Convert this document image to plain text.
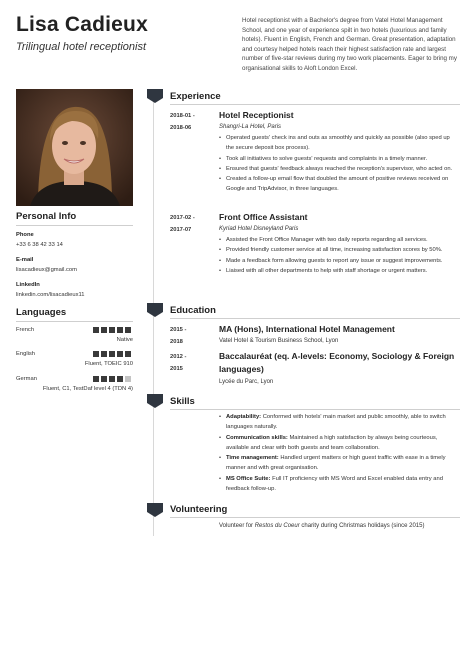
Lisa Cadieux
Trilingual hotel receptionist
Hotel receptionist with a Bachelor's degree from Vatel Hotel Management School, and one year of experience spilt in two hotels (luxurious and family hotels). Fluent in English, French and German. Great presentation, adaptation and courtesy helped hotels reach their highest satisfaction rate and largest number of five-star reviews during my two work placements. Eager to bring my organisational skills to Aloft London Excel.
Personal Info
Phone
+33 6 38 42 33 14
E-mail
lisacadieux@gmail.com
LinkedIn
linkedin.com/lisacadieux11
Languages
French
Native
English
Fluent, TOEIC 910
German
Fluent, C1, TestDaf level 4 (TDN 4)
Experience
2018-01 -
2018-06
Hotel Receptionist
Shangri-La Hotel, Paris
• Operated guests' check ins and outs as smoothly and quickly as possible (also sped up the secure deposit box process).
• Took all initiatives to solve guests' requests and complaints in a timely manner.
• Ensured that guests' feedback always reached the reception's supervisor, who acted on.
• Created a follow-up email flow that doubled the amount of positive reviews received on Google and TripAdvisor, in three languages.
2017-02 -
2017-07
Front Office Assistant
Kyriad Hotel Disneyland Paris
• Assisted the Front Office Manager with two daily reports regarding all services.
• Provided friendly customer service at all time, increasing satisfaction scores by 50%.
• Made a feedback form allowing guests to report any issue or suggest improvements.
• Liaised with all other departments to help with staff shortage or urgent matters.
Education
2015 -
2018
MA (Hons), International Hotel Management
Vatel Hotel & Tourism Business School, Lyon
2012 -
2015
Baccalauréat (eq. A-levels: Economy, Sociology & Foreign languages)
Lycée du Parc, Lyon
Skills
• Adaptability: Conformed with hotels' main market and public smoothly, able to switch languages naturally.
• Communication skills: Maintained a high satisfaction by always being courteous, available and clear with both guests and team collaboration.
• Time management: Handled urgent matters or high guest traffic with ease in a timely manner and with great organisation.
• MS Office Suite: Full IT proficiency with MS Word and Excel enabled data entry and feedback follow-up.
Volunteering
Volunteer for Restos du Coeur charity during Christmas holidays (since 2015)
